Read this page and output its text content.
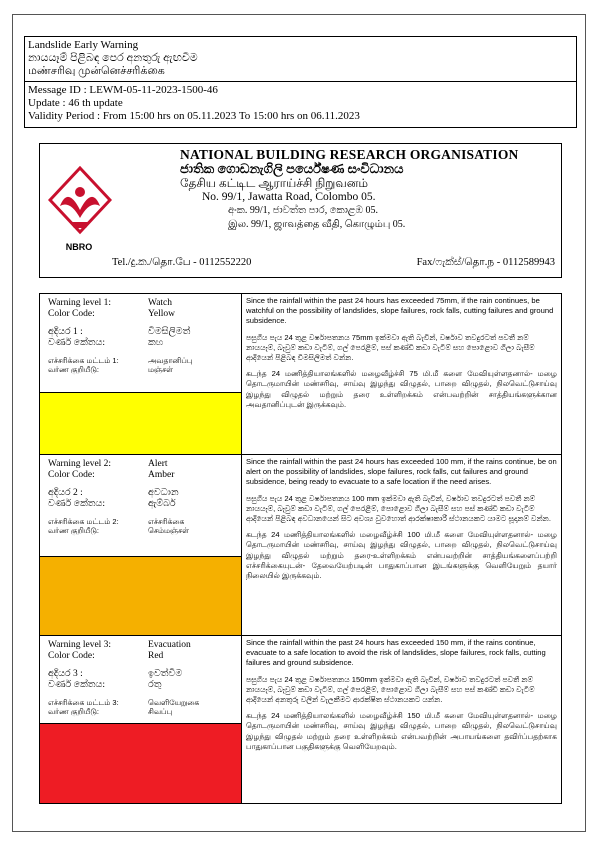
Landslide Early Warning
නායයෑම් පිළිබඳ පෙර අනතුරු ඇඟවීම
மண்சரிவு முன்னெச்சரிக்கை
Message ID : LEWM-05-11-2023-1500-46
Update : 46 th update
Validity Period : From 15:00 hrs on 05.11.2023 To 15:00 hrs on 06.11.2023
NBRO
NATIONAL BUILDING RESEARCH ORGANISATION
ජාතික ගොඩනැගිලි පර්යේෂණ සංවිධානය
தேசிய கட்டிட ஆராய்ச்சி நிறுவனம்
No. 99/1, Jawatta Road, Colombo 05.
අංක. 99/1, ජාවත්ත පාර, කොළඹ 05.
இல. 99/1, ஜாவத்தை வீதி, கொழும்பு 05.
Tel./දු.ක./தொ.பே - 0112552220	Fax/ෆැක්ස්/தொ.ந - 0112589943
Warning level 1:	Watch
Color Code:	Yellow
අදියර 1 :	විමසිලිමත්
වර්ණ කේතය:	කහ
எச்சரிக்கை மட்டம் 1:	அவதானிப்பு
வர்ண குறியீடு:	மஞ்சள்
Since the rainfall within the past 24 hours has exceeded 75mm, if the rain continues, be watchful on the possibility of landslides, slope failures, rock falls, cutting failures and ground subsidence.
පසුගිය පැය 24 තුළ වර්ෂාපතනය 75mm ඉක්මවා ඇති බැවින්, වර්ෂාව තවදුරටත් පවතී නම් නායයෑම්, බෑවුම් කඩා වැටීම්, ගල් පෙරළීම්, පස් කණ්ඩි කඩා වැටීම් සහ පොළොව ගිලා බැසීම් ආදියෙන් පිළිබඳ විමසිලිමත් වන්න.
கடந்த 24 மணித்தியாலங்களில் மழைவீழ்ச்சி 75 மி.மீ களை மேவியுள்ளதனால்- மழை தொடருமாயின் மண்சரிவு, சாய்வு இழந்து விழுதல், பாறை விழுதல், நிலவெட்டுசாய்வு இழந்து விழுதல் மற்றும் தரை உள்ளிறக்கம் என்பவற்றின் சாத்தியங்களுக்கான அவதானிப்புடன் இருக்கவும்.
Warning level 2:	Alert
Color Code:	Amber
අදියර 2 :	අවධාන
වර්ණ කේතය:	ඇම්බර්
எச்சரிக்கை மட்டம் 2:	எச்சரிக்கை
வர்ண குறியீடு:	செம்மஞ்சள்
Since the rainfall within the past 24 hours has exceeded 100 mm, if the rains continue, be on alert on the possibility of landslides, slope failures, rock falls, cut failures and ground subsidence, being ready to evacuate to a safe location if the need arises.
පසුගිය පැය 24 තුළ වර්ෂාපතනය 100 mm ඉක්මවා ඇති බැවින්, වර්ෂාව තවදුරටත් පවතී නම් නායයෑම්, බෑවුම් කඩා වැටීම්, ගල් පෙරළීම්, පොළොව ගිලා බැසීම් සහ පස් කණ්ඩි කඩා වැටීම් ආදියෙන් පිළිබඳ අවධානයෙන් සිට අවශ්‍ය වුවහොත් ආරක්ෂාකාරී ස්ථානයකට යාමට සූදානම් වන්න.
கடந்த 24 மணித்தியாலங்களில் மழைவீழ்ச்சி 100 மி.மீ களை மேவியுள்ளதனால்- மழை தொடருமாயின் மண்சரிவு, சாய்வு இழந்து விழுதல், பாறை விழுதல், நிலவெட்டுசாய்வு இழந்து விழுதல் மற்றும் தரை-உள்ளிறக்கம் என்பவற்றின் சாத்தியங்களைப்பற்றி எச்சரிக்கையுடன்- தேவையேற்படின் பாதுகாப்பான இடங்களுக்கு வெளியேறும் தயார் நிலையில் இருக்கவும்.
Warning level 3:	Evacuation
Color Code:	Red
අදියර 3 :	ඉවත්වීම
වර්ණ කේතය:	රතු
எச்சரிக்கை மட்டம் 3:	வெளியேறுகை
வர்ண குறியீடு:	சிவப்பு
Since the rainfall within the past 24 hours has exceeded 150 mm, if the rains continue, evacuate to a safe location to avoid the risk of landslides, slope failures, rock falls, cutting failures and ground subsidence.
පසුගිය පැය 24 තුළ වර්ෂාපතනය 150mm ඉක්මවා ඇති බැවින්, වර්ෂාව තවදුරටත් පවතී නම් නායයෑම්, බෑවුම් කඩා වැටීම්, ගල් පෙරළීම්, පොළොව ගිලා බැසීම් සහ පස් කණ්ඩි කඩා වැටීම් ආදියෙන් අනතුරු වලින් වැලකීමට ආරක්ෂිත ස්ථානයකට යන්න.
கடந்த 24 மணித்தியாலங்களில் மழைவீழ்ச்சி 150 மி.மீ களை மேவியுள்ளதனால்- மழை தொடருமாயின் மண்சரிவு, சாய்வு இழந்து விழுதல், பாறை விழுதல், நிலவெட்டுசாய்வு இழந்து விழுதல் மற்றும் தரை உள்ளிறக்கம் என்பவற்றின் அபாயங்களை தவிர்ப்பதற்காக பாதுகாப்பான பகுதிகளுக்கு வெளியேறவும்.
